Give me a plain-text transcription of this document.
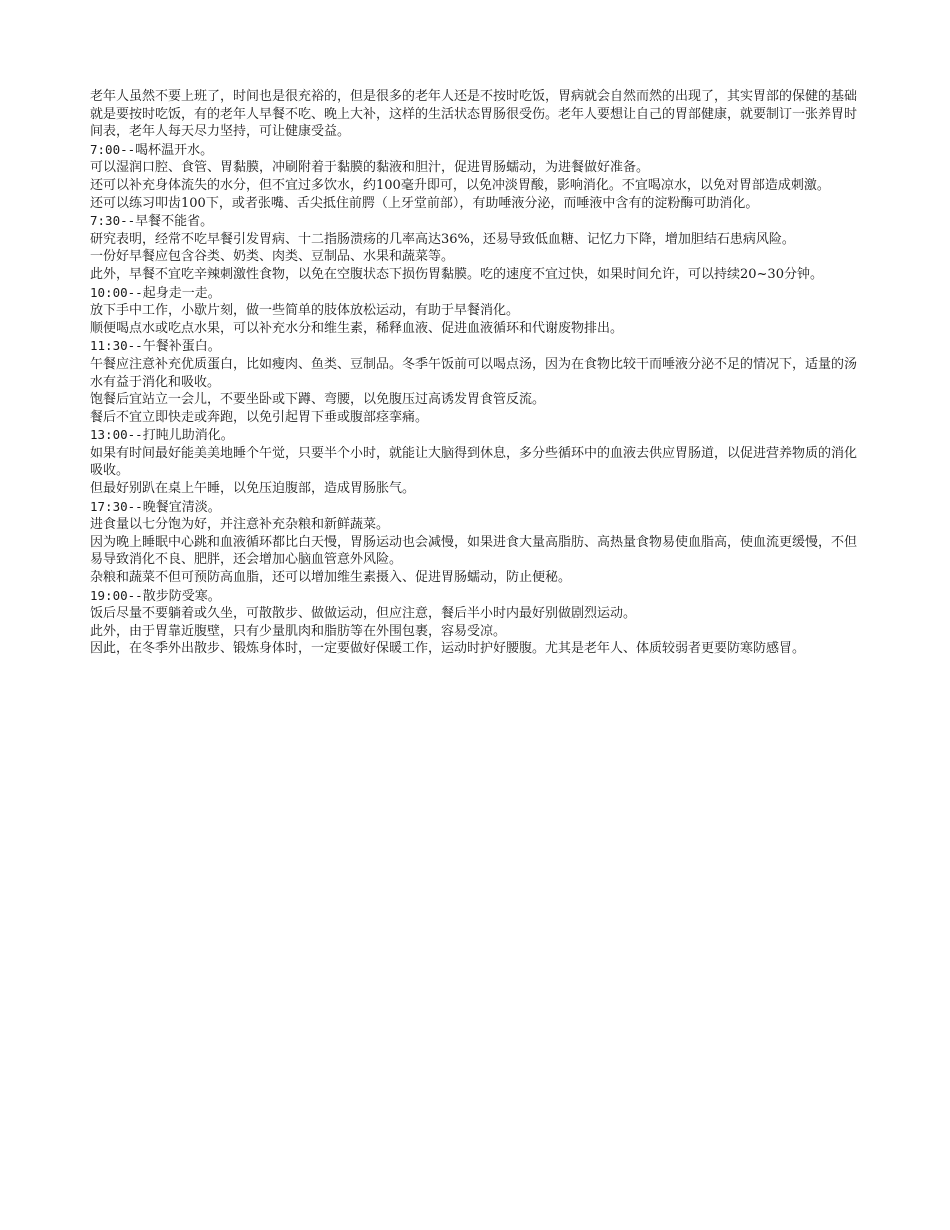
老年人虽然不要上班了，时间也是很充裕的，但是很多的老年人还是不按时吃饭，胃病就会自然而然的出现了，其实胃部的保健的基础就是要按时吃饭，有的老年人早餐不吃、晚上大补，这样的生活状态胃肠很受伤。老年人要想让自己的胃部健康，就要制订一张养胃时间表，老年人每天尽力坚持，可让健康受益。

7:00--喝杯温开水。

可以湿润口腔、食管、胃黏膜，冲刷附着于黏膜的黏液和胆汁，促进胃肠蠕动，为进餐做好准备。

还可以补充身体流失的水分，但不宜过多饮水，约100毫升即可，以免冲淡胃酸，影响消化。不宜喝凉水，以免对胃部造成刺激。

还可以练习叩齿100下，或者张嘴、舌尖抵住前腭（上牙堂前部），有助唾液分泌，而唾液中含有的淀粉酶可助消化。

7:30--早餐不能省。

研究表明，经常不吃早餐引发胃病、十二指肠溃疡的几率高达36%，还易导致低血糖、记忆力下降，增加胆结石患病风险。

一份好早餐应包含谷类、奶类、肉类、豆制品、水果和蔬菜等。

此外，早餐不宜吃辛辣刺激性食物，以免在空腹状态下损伤胃黏膜。吃的速度不宜过快，如果时间允许，可以持续20~30分钟。

10:00--起身走一走。

放下手中工作，小歇片刻，做一些简单的肢体放松运动，有助于早餐消化。

顺便喝点水或吃点水果，可以补充水分和维生素，稀释血液、促进血液循环和代谢废物排出。

11:30--午餐补蛋白。

午餐应注意补充优质蛋白，比如瘦肉、鱼类、豆制品。冬季午饭前可以喝点汤，因为在食物比较干而唾液分泌不足的情况下，适量的汤水有益于消化和吸收。

饱餐后宜站立一会儿，不要坐卧或下蹲、弯腰，以免腹压过高诱发胃食管反流。

餐后不宜立即快走或奔跑，以免引起胃下垂或腹部痉挛痛。

13:00--打盹儿助消化。

如果有时间最好能美美地睡个午觉，只要半个小时，就能让大脑得到休息，多分些循环中的血液去供应胃肠道，以促进营养物质的消化吸收。

但最好别趴在桌上午睡，以免压迫腹部，造成胃肠胀气。

17:30--晚餐宜清淡。

进食量以七分饱为好，并注意补充杂粮和新鲜蔬菜。

因为晚上睡眠中心跳和血液循环都比白天慢，胃肠运动也会减慢，如果进食大量高脂肪、高热量食物易使血脂高，使血流更缓慢，不但易导致消化不良、肥胖，还会增加心脑血管意外风险。

杂粮和蔬菜不但可预防高血脂，还可以增加维生素摄入、促进胃肠蠕动，防止便秘。

19:00--散步防受寒。

饭后尽量不要躺着或久坐，可散散步、做做运动，但应注意，餐后半小时内最好别做剧烈运动。

此外，由于胃靠近腹壁，只有少量肌肉和脂肪等在外围包裹，容易受凉。

因此，在冬季外出散步、锻炼身体时，一定要做好保暖工作，运动时护好腰腹。尤其是老年人、体质较弱者更要防寒防感冒。
